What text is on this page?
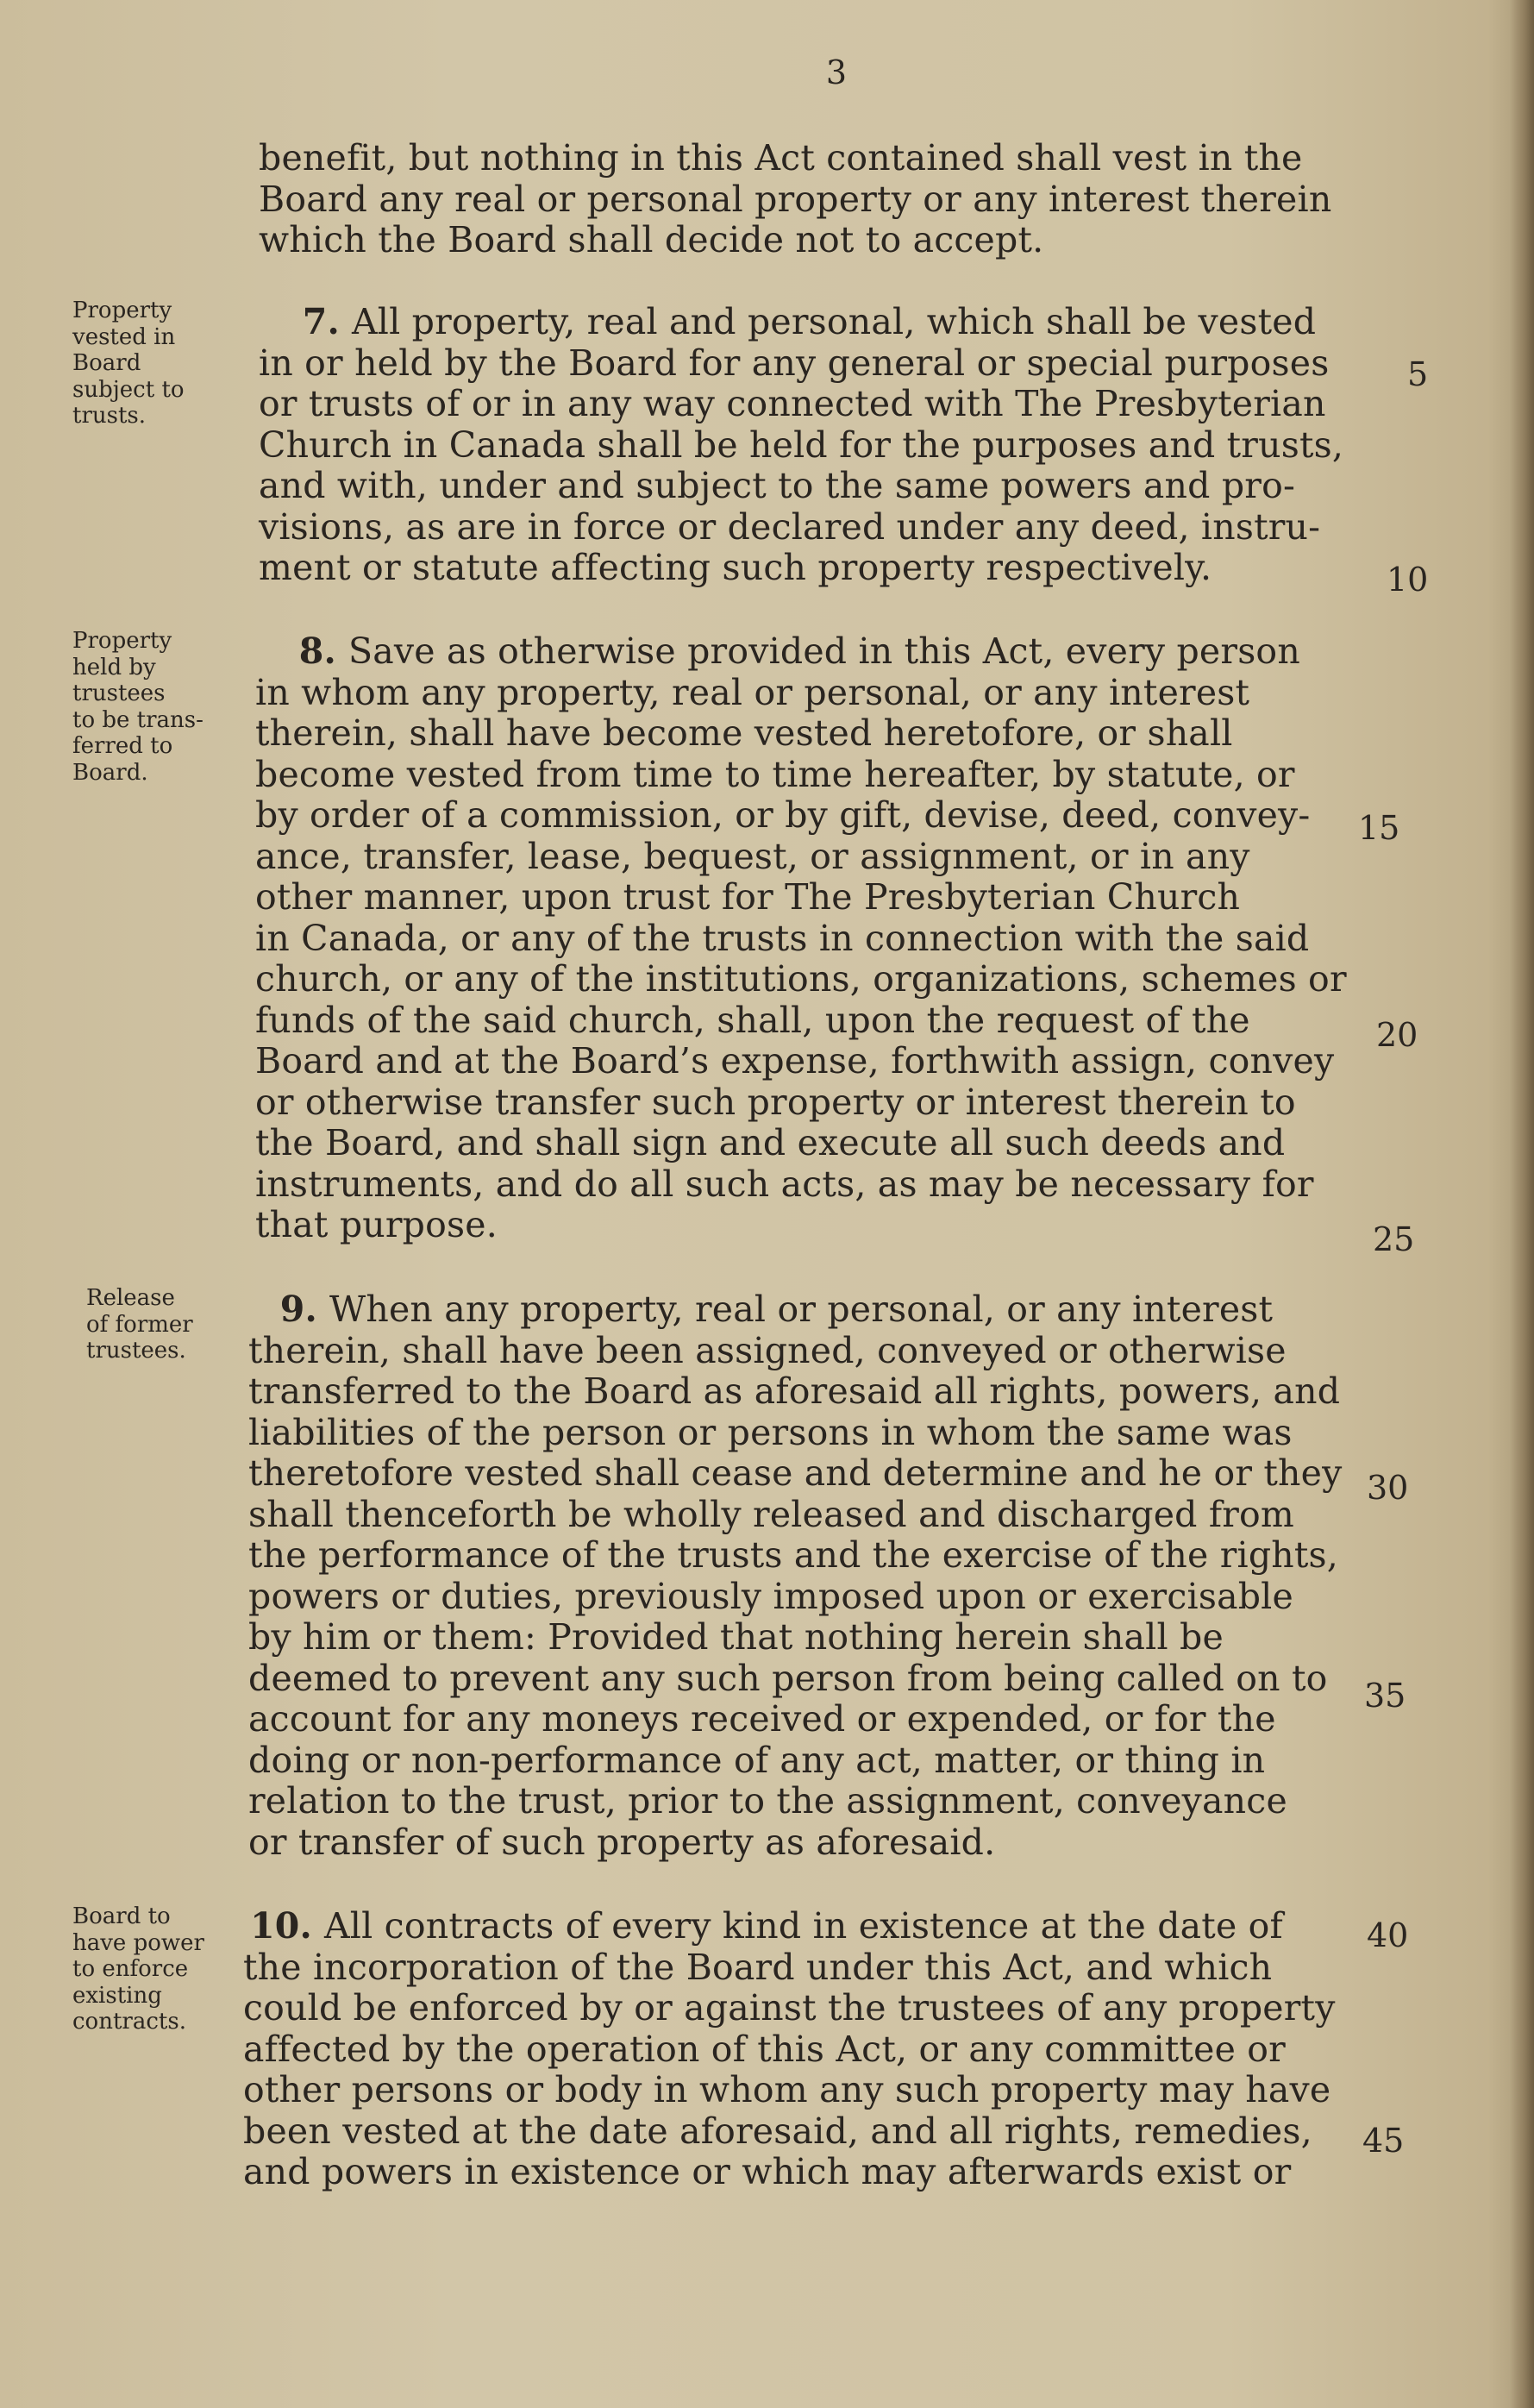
3
benefit, but nothing in this Act contained shall vest in the
Board any real or personal property or any interest therein
which the Board shall decide not to accept.
Property
vested in
Board
subject to
trusts.
7. All property, real and personal, which shall be vested
in or held by the Board for any general or special purposes
or trusts of or in any way connected with The Presbyterian
Church in Canada shall be held for the purposes and trusts,
and with, under and subject to the same powers and pro-
visions, as are in force or declared under any deed, instru-
ment or statute affecting such property respectively.
5
10
Property
held by
trustees
to be trans-
ferred to
Board.
8. Save as otherwise provided in this Act, every person
in whom any property, real or personal, or any interest
therein, shall have become vested heretofore, or shall
become vested from time to time hereafter, by statute, or
by order of a commission, or by gift, devise, deed, convey-
ance, transfer, lease, bequest, or assignment, or in any
other manner, upon trust for The Presbyterian Church
in Canada, or any of the trusts in connection with the said
church, or any of the institutions, organizations, schemes or
funds of the said church, shall, upon the request of the
Board and at the Board’s expense, forthwith assign, convey
or otherwise transfer such property or interest therein to
the Board, and shall sign and execute all such deeds and
instruments, and do all such acts, as may be necessary for
that purpose.
15
20
25
Release
of former
trustees.
9. When any property, real or personal, or any interest
therein, shall have been assigned, conveyed or otherwise
transferred to the Board as aforesaid all rights, powers, and
liabilities of the person or persons in whom the same was
theretofore vested shall cease and determine and he or they
shall thenceforth be wholly released and discharged from
the performance of the trusts and the exercise of the rights,
powers or duties, previously imposed upon or exercisable
by him or them: Provided that nothing herein shall be
deemed to prevent any such person from being called on to
account for any moneys received or expended, or for the
doing or non-performance of any act, matter, or thing in
relation to the trust, prior to the assignment, conveyance
or transfer of such property as aforesaid.
30
35
Board to
have power
to enforce
existing
contracts.
10. All contracts of every kind in existence at the date of
the incorporation of the Board under this Act, and which
could be enforced by or against the trustees of any property
affected by the operation of this Act, or any committee or
other persons or body in whom any such property may have
been vested at the date aforesaid, and all rights, remedies,
and powers in existence or which may afterwards exist or
40
45
